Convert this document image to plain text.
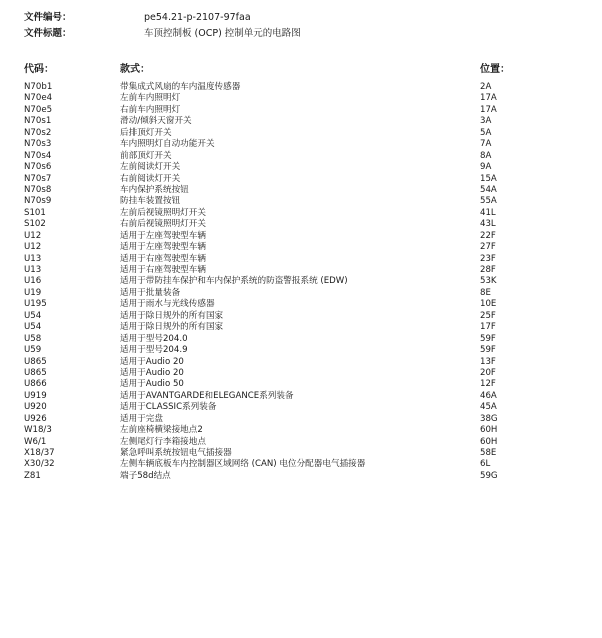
文件编号：	pe54.21-p-2107-97faa
文件标题：	车顶控制板 (OCP) 控制单元的电路图
代码：	款式：	位置：
N70b1	带集成式风扇的车内温度传感器	2A
N70e4	左前车内照明灯	17A
N70e5	右前车内照明灯	17A
N70s1	滑动/倾斜天窗开关	3A
N70s2	后排顶灯开关	5A
N70s3	车内照明灯自动功能开关	7A
N70s4	前部顶灯开关	8A
N70s6	左前阅读灯开关	9A
N70s7	右前阅读灯开关	15A
N70s8	车内保护系统按钮	54A
N70s9	防挂车装置按钮	55A
S101	左前后视镜照明灯开关	41L
S102	右前后视镜照明灯开关	43L
U12	适用于左座驾驶型车辆	22F
U12	适用于左座驾驶型车辆	27F
U13	适用于右座驾驶型车辆	23F
U13	适用于右座驾驶型车辆	28F
U16	适用于带防挂车保护和车内保护系统的防盗警报系统 (EDW)	53K
U19	适用于批量装备	8E
U195	适用于雨水与光线传感器	10E
U54	适用于除日规外的所有国家	25F
U54	适用于除日规外的所有国家	17F
U58	适用于型号204.0	59F
U59	适用于型号204.9	59F
U865	适用于Audio 20	13F
U865	适用于Audio 20	20F
U866	适用于Audio 50	12F
U919	适用于AVANTGARDE和ELEGANCE系列装备	46A
U920	适用于CLASSIC系列装备	45A
U926	适用于完盘	38G
W18/3	左前座椅横梁接地点2	60H
W6/1	左侧尾灯行李箱接地点	60H
X18/37	紧急呼叫系统按钮电气插接器	58E
X30/32	左侧车辆底板车内控制器区域网络 (CAN) 电位分配器电气插接器	6L
Z81	端子58d结点	59G
